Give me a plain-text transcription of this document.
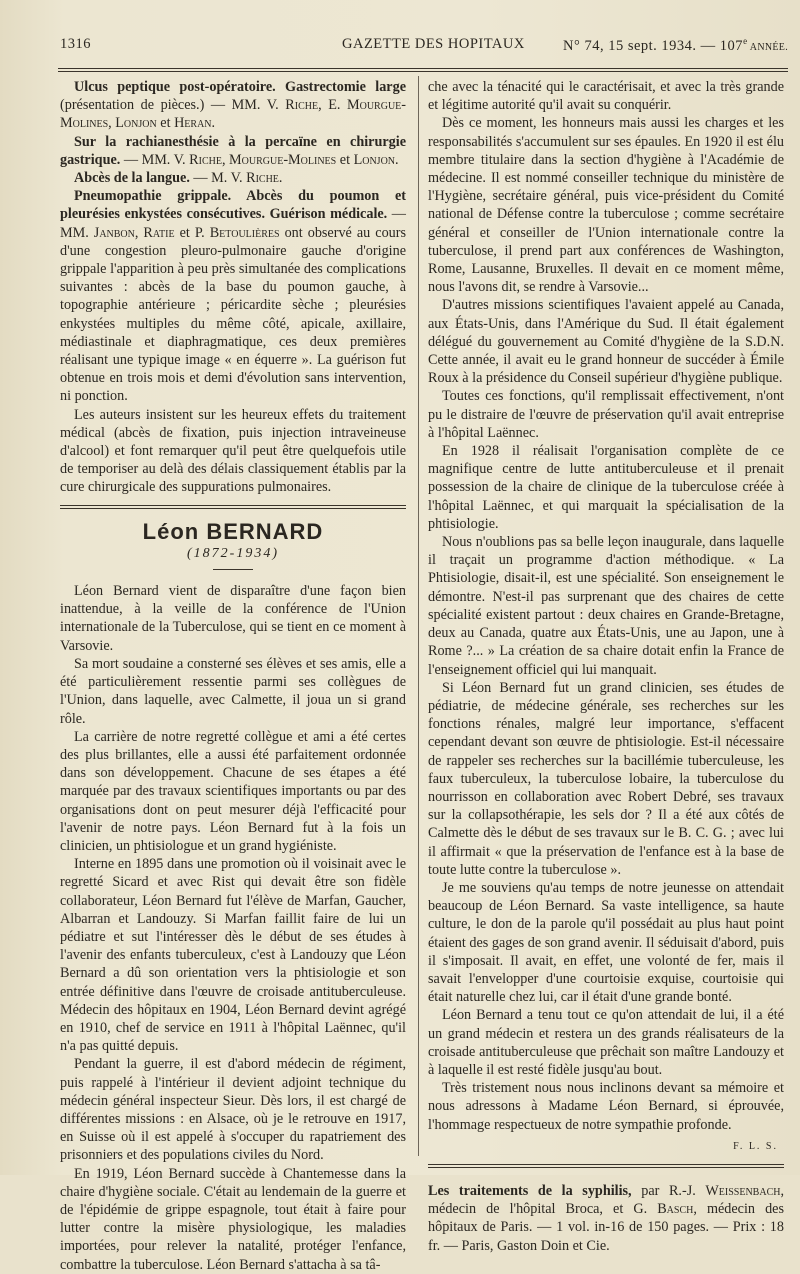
1316	GAZETTE DES HOPITAUX	N° 74, 15 sept. 1934. — 107e ANNÉE.

Ulcus peptique post-opératoire. Gastrectomie large (présentation de pièces.) — MM. V. Riche, E. Mourgue-Molines, Lonjon et Heran.

Sur la rachianesthésie à la percaïne en chirurgie gastrique. — MM. V. Riche, Mourgue-Molines et Lonjon.

Abcès de la langue. — M. V. Riche.

Pneumopathie grippale. Abcès du poumon et pleurésies enkystées consécutives. Guérison médicale. — MM. Janbon, Ratie et P. Betoulières ont observé au cours d'une congestion pleuro-pulmonaire gauche d'origine grippale l'apparition à peu près simultanée des complications suivantes : abcès de la base du poumon gauche, à topographie antérieure ; péricardite sèche ; pleurésies enkystées multiples du même côté, apicale, axillaire, médiastinale et diaphragmatique, ces deux premières réalisant une typique image « en équerre ». La guérison fut obtenue en trois mois et demi d'évolution sans intervention, ni ponction.

Les auteurs insistent sur les heureux effets du traitement médical (abcès de fixation, puis injection intraveineuse d'alcool) et font remarquer qu'il peut être quelquefois utile de temporiser au delà des délais classiquement établis par la cure chirurgicale des suppurations pulmonaires.

Léon BERNARD
(1872-1934)

Léon Bernard vient de disparaître d'une façon bien inattendue, à la veille de la conférence de l'Union internationale de la Tuberculose, qui se tient en ce moment à Varsovie.

Sa mort soudaine a consterné ses élèves et ses amis, elle a été particulièrement ressentie parmi ses collègues de l'Union, dans laquelle, avec Calmette, il joua un si grand rôle.

La carrière de notre regretté collègue et ami a été certes des plus brillantes, elle a aussi été parfaitement ordonnée dans son développement. Chacune de ses étapes a été marquée par des travaux scientifiques importants ou par des organisations dont on peut mesurer déjà l'efficacité pour l'avenir de notre pays. Léon Bernard fut à la fois un clinicien, un phtisiologue et un grand hygiéniste.

Interne en 1895 dans une promotion où il voisinait avec le regretté Sicard et avec Rist qui devait être son fidèle collaborateur, Léon Bernard fut l'élève de Marfan, Gaucher, Albarran et Landouzy. Si Marfan faillit faire de lui un pédiatre et sut l'intéresser dès le début de ses études à l'avenir des enfants tuberculeux, c'est à Landouzy que Léon Bernard a dû son orientation vers la phtisiologie et son entrée définitive dans l'œuvre de croisade antituberculeuse. Médecin des hôpitaux en 1904, Léon Bernard devint agrégé en 1910, chef de service en 1911 à l'hôpital Laënnec, qu'il n'a pas quitté depuis.

Pendant la guerre, il est d'abord médecin de régiment, puis rappelé à l'intérieur il devient adjoint technique du médecin général inspecteur Sieur. Dès lors, il est chargé de différentes missions : en Alsace, où je le retrouve en 1917, en Suisse où il est appelé à s'occuper du rapatriement des prisonniers et des populations civiles du Nord.

En 1919, Léon Bernard succède à Chantemesse dans la chaire d'hygiène sociale. C'était au lendemain de la guerre et de l'épidémie de grippe espagnole, tout était à faire pour lutter contre la misère physiologique, les maladies importées, pour relever la natalité, protéger l'enfance, combattre la tuberculose. Léon Bernard s'attacha à sa tâ-

che avec la ténacité qui le caractérisait, et avec la très grande et légitime autorité qu'il avait su conquérir.

Dès ce moment, les honneurs mais aussi les charges et les responsabilités s'accumulent sur ses épaules. En 1920 il est élu membre titulaire dans la section d'hygiène à l'Académie de médecine. Il est nommé conseiller technique du ministère de l'Hygiène, secrétaire général, puis vice-président du Comité national de Défense contre la tuberculose ; comme secrétaire général et conseiller de l'Union internationale contre la tuberculose, il prend part aux conférences de Washington, Rome, Lausanne, Bruxelles. Il devait en ce moment même, nous l'avons dit, se rendre à Varsovie...

D'autres missions scientifiques l'avaient appelé au Canada, aux États-Unis, dans l'Amérique du Sud. Il était également délégué du gouvernement au Comité d'hygiène de la S.D.N. Cette année, il avait eu le grand honneur de succéder à Émile Roux à la présidence du Conseil supérieur d'hygiène publique.

Toutes ces fonctions, qu'il remplissait effectivement, n'ont pu le distraire de l'œuvre de préservation qu'il avait entreprise à l'hôpital Laënnec.

En 1928 il réalisait l'organisation complète de ce magnifique centre de lutte antituberculeuse et il prenait possession de la chaire de clinique de la tuberculose créée à l'hôpital Laënnec, et qui marquait la spécialisation de la phtisiologie.

Nous n'oublions pas sa belle leçon inaugurale, dans laquelle il traçait un programme d'action méthodique. « La Phtisiologie, disait-il, est une spécialité. Son enseignement le démontre. N'est-il pas surprenant que des chaires de cette spécialité existent partout : deux chaires en Grande-Bretagne, deux au Canada, quatre aux États-Unis, une au Japon, une à Rome ?... » La création de sa chaire dotait enfin la France de l'enseignement officiel qui lui manquait.

Si Léon Bernard fut un grand clinicien, ses études de pédiatrie, de médecine générale, ses recherches sur les fonctions rénales, malgré leur importance, s'effacent cependant devant son œuvre de phtisiologie. Est-il nécessaire de rappeler ses recherches sur la bacillémie tuberculeuse, les faux tuberculeux, la tuberculose lobaire, la tuberculose du nourrisson en collaboration avec Robert Debré, ses travaux sur la collapsothérapie, les sels dor ? Il a été aux côtés de Calmette dès le début de ses travaux sur le B. C. G. ; avec lui il affirmait « que la préservation de l'enfance est à la base de toute lutte contre la tuberculose ».

Je me souviens qu'au temps de notre jeunesse on attendait beaucoup de Léon Bernard. Sa vaste intelligence, sa haute culture, le don de la parole qu'il possédait au plus haut point étaient des gages de son grand avenir. Il séduisait d'abord, puis il s'imposait. Il avait, en effet, une volonté de fer, mais il savait l'envelopper d'une courtoisie exquise, courtoisie qui était naturelle chez lui, car il était d'une grande bonté.

Léon Bernard a tenu tout ce qu'on attendait de lui, il a été un grand médecin et restera un des grands réalisateurs de la croisade antituberculeuse que prêchait son maître Landouzy et à laquelle il est resté fidèle jusqu'au bout.

Très tristement nous nous inclinons devant sa mémoire et nous adressons à Madame Léon Bernard, si éprouvée, l'hommage respectueux de notre sympathie profonde.

F. L. S.

Les traitements de la syphilis, par R.-J. Weissenbach, médecin de l'hôpital Broca, et G. Basch, médecin des hôpitaux de Paris. — 1 vol. in-16 de 150 pages. — Prix : 18 fr. — Paris, Gaston Doin et Cie.
